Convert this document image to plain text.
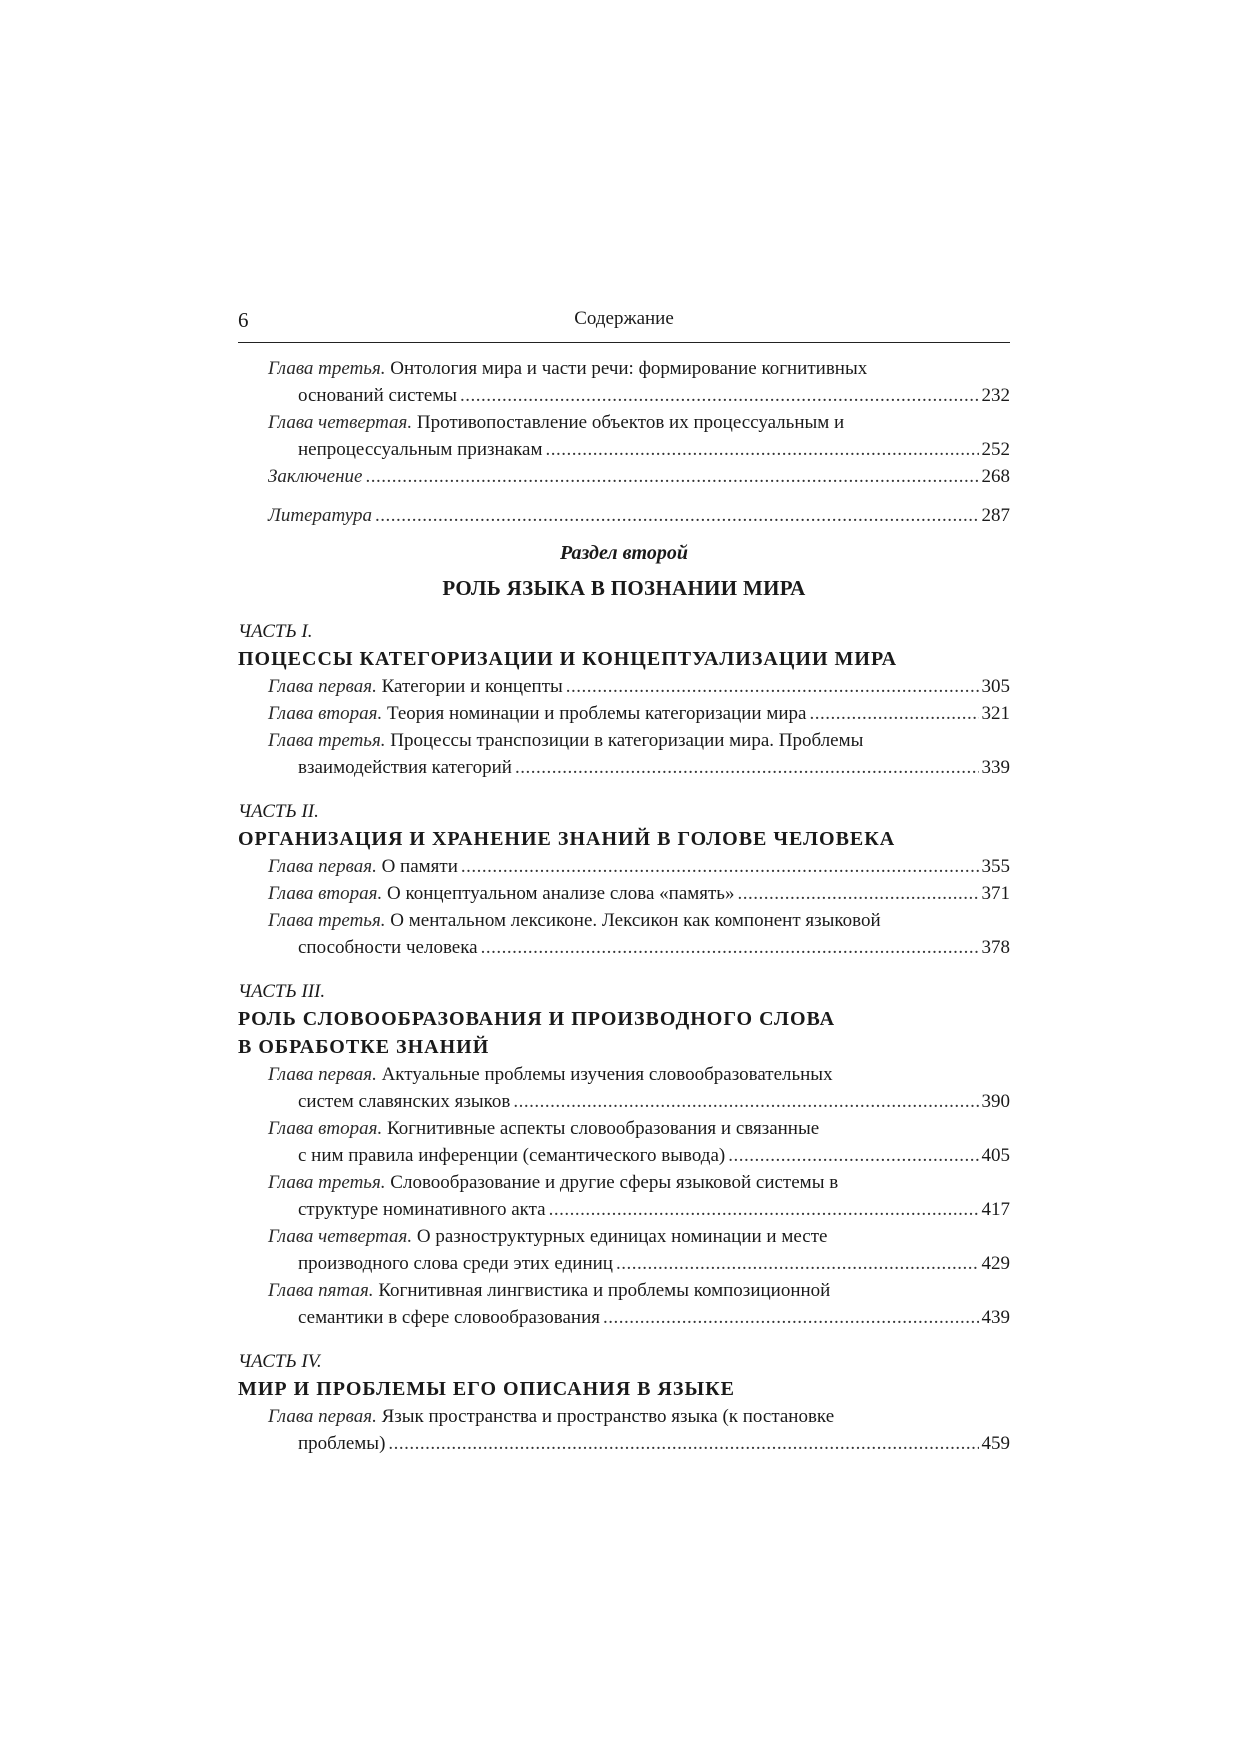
6	Содержание
Глава третья. Онтология мира и части речи: формирование когнитивных
оснований системы .....	232
Глава четвертая. Противопоставление объектов их процессуальным и
непроцессуальным признакам .....	252
Заключение .....	268
Литература .....	287
Раздел второй
РОЛЬ ЯЗЫКА В ПОЗНАНИИ МИРА
ЧАСТЬ I.
ПОЦЕССЫ КАТЕГОРИЗАЦИИ И КОНЦЕПТУАЛИЗАЦИИ МИРА
Глава первая. Категории и концепты .....	305
Глава вторая. Теория номинации и проблемы категоризации мира .....	321
Глава третья. Процессы транспозиции в категоризации мира. Проблемы
взаимодействия категорий .....	339
ЧАСТЬ II.
ОРГАНИЗАЦИЯ И ХРАНЕНИЕ ЗНАНИЙ В ГОЛОВЕ ЧЕЛОВЕКА
Глава первая. О памяти .....	355
Глава вторая. О концептуальном анализе слова «память» .....	371
Глава третья. О ментальном лексиконе. Лексикон как компонент языковой
способности человека .....	378
ЧАСТЬ III.
РОЛЬ СЛОВООБРАЗОВАНИЯ И ПРОИЗВОДНОГО СЛОВА
В ОБРАБОТКЕ ЗНАНИЙ
Глава первая. Актуальные проблемы изучения словообразовательных
систем славянских языков .....	390
Глава вторая. Когнитивные аспекты словообразования и связанные
с ним правила инференции (семантического вывода) .....	405
Глава третья. Словообразование и другие сферы языковой системы в
структуре номинативного акта .....	417
Глава четвертая. О разноструктурных единицах номинации и месте
производного слова среди этих единиц .....	429
Глава пятая. Когнитивная лингвистика и проблемы композиционной
семантики в сфере словообразования .....	439
ЧАСТЬ IV.
МИР И ПРОБЛЕМЫ ЕГО ОПИСАНИЯ В ЯЗЫКЕ
Глава первая. Язык пространства и пространство языка (к постановке
проблемы) .....	459
